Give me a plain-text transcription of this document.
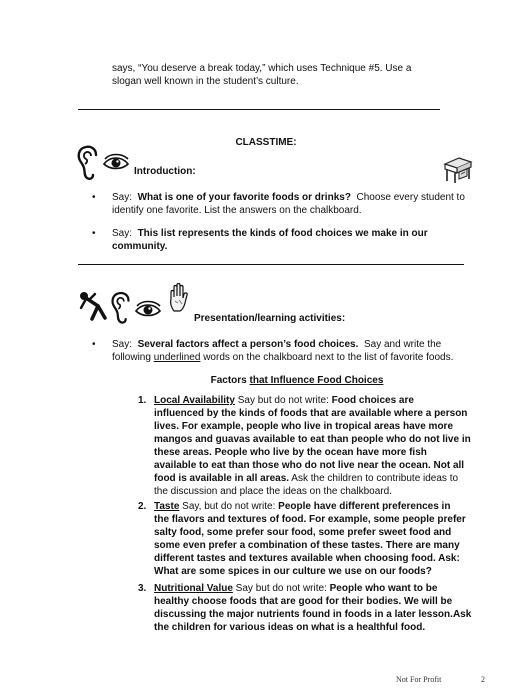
says, “You deserve a break today,” which uses Technique #5. Use a
slogan well known in the student’s culture.
CLASSTIME:
Introduction:
• Say: What is one of your favorite foods or drinks? Choose every student to
identify one favorite. List the answers on the chalkboard.
• Say: This list represents the kinds of food choices we make in our
community.
Presentation/learning activities:
• Say: Several factors affect a person’s food choices. Say and write the
following underlined words on the chalkboard next to the list of favorite foods.
Factors that Influence Food Choices
1. Local Availability Say but do not write: Food choices are
influenced by the kinds of foods that are available where a person
lives. For example, people who live in tropical areas have more
mangos and guavas available to eat than people who do not live in
these areas. People who live by the ocean have more fish
available to eat than those who do not live near the ocean. Not all
food is available in all areas. Ask the children to contribute ideas to
the discussion and place the ideas on the chalkboard.
2. Taste Say, but do not write: People have different preferences in
the flavors and textures of food. For example, some people prefer
salty food, some prefer sour food, some prefer sweet food and
some even prefer a combination of these tastes. There are many
different tastes and textures available when choosing food. Ask:
What are some spices in our culture we use on our foods?
3. Nutritional Value Say but do not write: People who want to be
healthy choose foods that are good for their bodies. We will be
discussing the major nutrients found in foods in a later lesson.Ask
the children for various ideas on what is a healthful food.
Not For Profit	2
